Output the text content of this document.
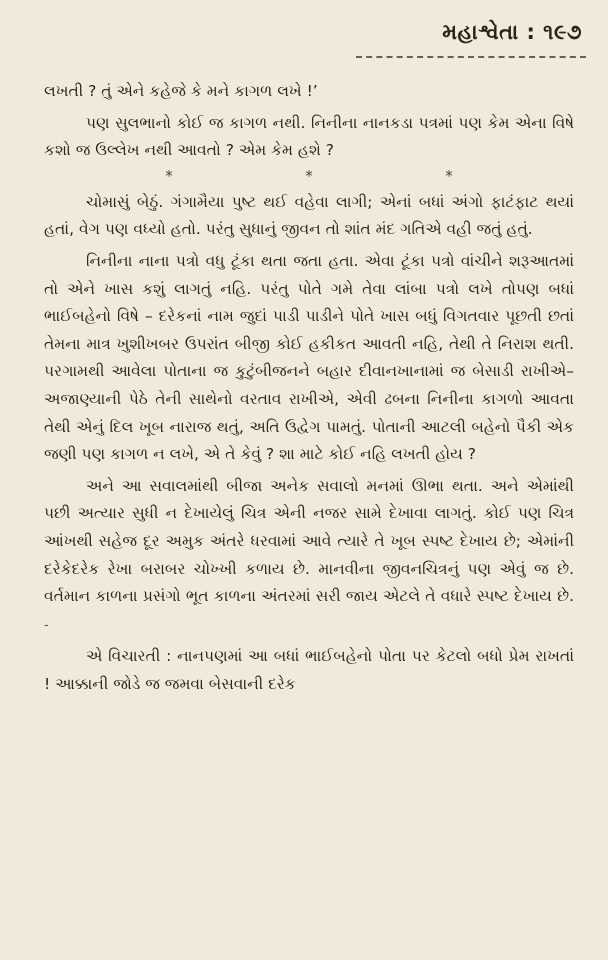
મહાશ્વેતા : ૧૯૭

લખતી ? તું એને કહેજે કે મને કાગળ લખે !’

પણ સુલભાનો કોઈ જ કાગળ નથી. નિનીના નાનકડા પત્રમાં પણ કેમ એના વિષે કશો જ ઉલ્લેખ નથી આવતો ? એમ કેમ હશે ?

*	*	*

ચોમાસું બેઠું. ગંગામૈયા પુષ્ટ થઈ વહેવા લાગી; એનાં બધાં અંગો ફાટંફાટ થયાં હતાં, વેગ પણ વધ્યો હતો. પરંતુ સુધાનું જીવન તો શાંત મંદ ગતિએ વહી જતું હતું.

નિનીના નાના પત્રો વધુ ટૂંકા થતા જતા હતા. એવા ટૂંકા પત્રો વાંચીને શરૂઆતમાં તો એને ખાસ કશું લાગતું નહિ. પરંતુ પોતે ગમે તેવા લાંબા પત્રો લખે તોપણ બધાં ભાઈબહેનો વિષે – દરેકનાં નામ જુદાં પાડી પાડીને પોતે ખાસ બધું વિગતવાર પૂછતી છતાં તેમના માત્ર ખુશીખબર ઉપરાંત બીજી કોઈ હકીકત આવતી નહિ, તેથી તે નિરાશ થતી. પરગામથી આવેલા પોતાના જ કુટુંબીજનને બહાર દીવાનખાનામાં જ બેસાડી રાખીએ–અજાણ્યાની પેઠે તેની સાથેનો વરતાવ રાખીએ, એવી ઢબના નિનીના કાગળો આવતા તેથી એનું દિલ ખૂબ નારાજ થતું, અતિ ઉદ્વેગ પામતું. પોતાની આટલી બહેનો પૈકી એક જણી પણ કાગળ ન લખે, એ તે કેવું ? શા માટે કોઈ નહિ લખતી હોય ?

અને આ સવાલમાંથી બીજા અનેક સવાલો મનમાં ઊભા થતા. અને એમાંથી પછી અત્યાર સુધી ન દેખાયેલું ચિત્ર એની નજર સામે દેખાવા લાગતું. કોઈ પણ ચિત્ર આંખથી સહેજ દૂર અમુક અંતરે ધરવામાં આવે ત્યારે તે ખૂબ સ્પષ્ટ દેખાય છે; એમાંની દરેકેદરેક રેખા બરાબર ચોખ્ખી કળાય છે. માનવીના જીવનચિત્રનું પણ એવું જ છે. વર્તમાન કાળના પ્રસંગો ભૂત કાળના અંતરમાં સરી જાય એટલે તે વધારે સ્પષ્ટ દેખાય છે. -

એ વિચારતી : નાનપણમાં આ બધાં ભાઈબહેનો પોતા પર કેટલો બધો પ્રેમ રાખતાં ! આક્કાની જોડે જ જમવા બેસવાની દરેક
